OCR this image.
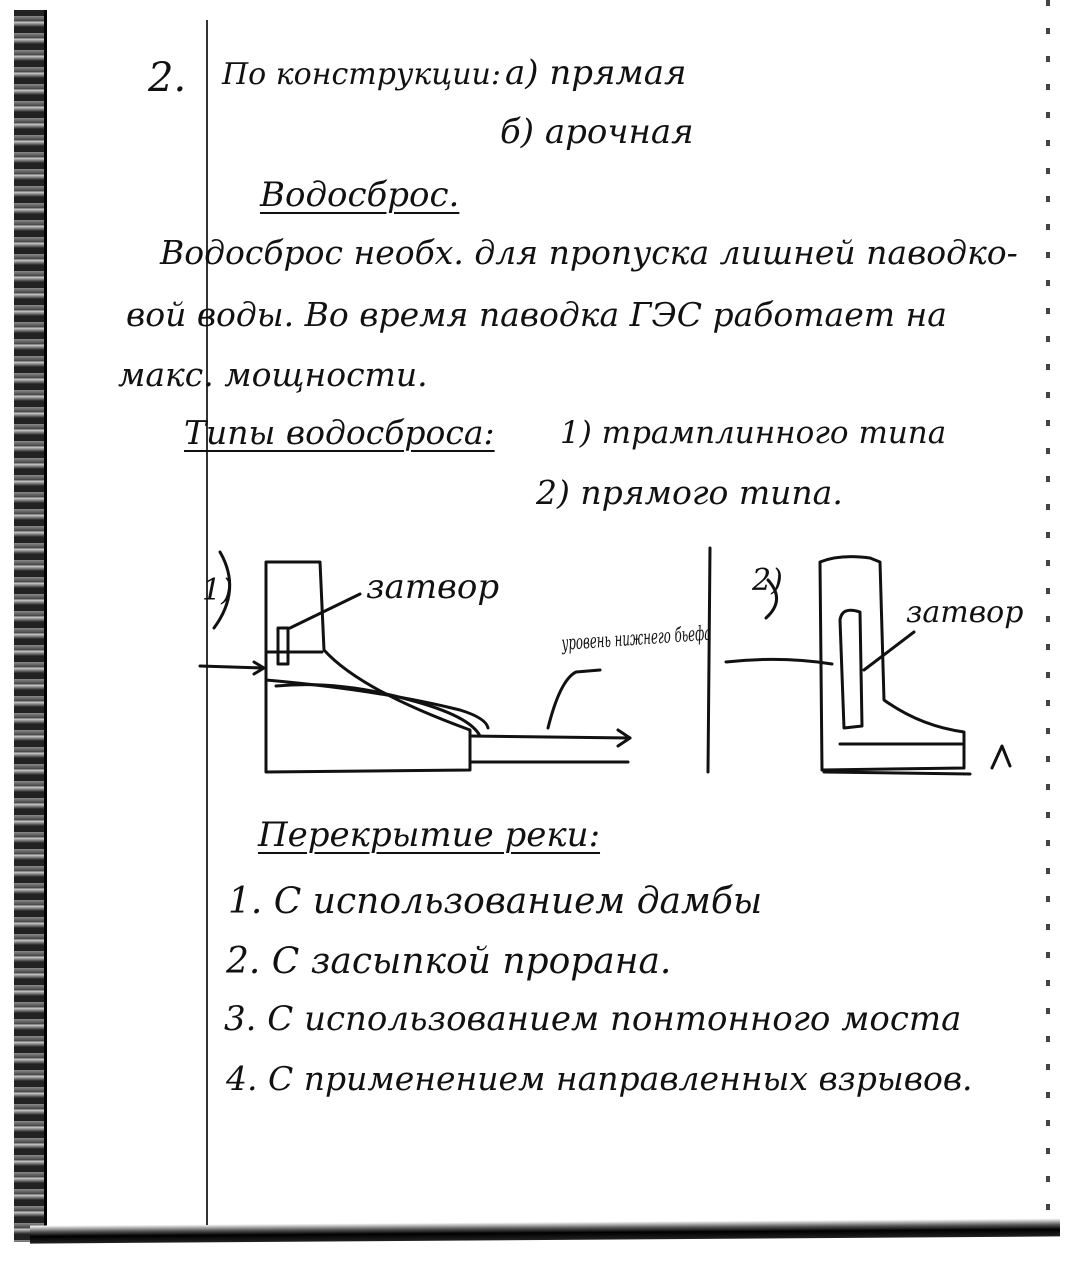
2. По конструкции: а) прямая
б) арочная
Водосброс.
Водосброс необх. для пропуска лишней паводко-
вой воды. Во время паводка ГЭС работает на
макс. мощности.
Типы водосброса: 1) трамплинного типа
2) прямого типа.
1)	2)
затвор
затвор
уровень нижнего бьефа
Перекрытие реки:
1. С использованием дамбы
2. С засыпкой прорана.
3. С использованием понтонного моста
4. С применением направленных взрывов.
